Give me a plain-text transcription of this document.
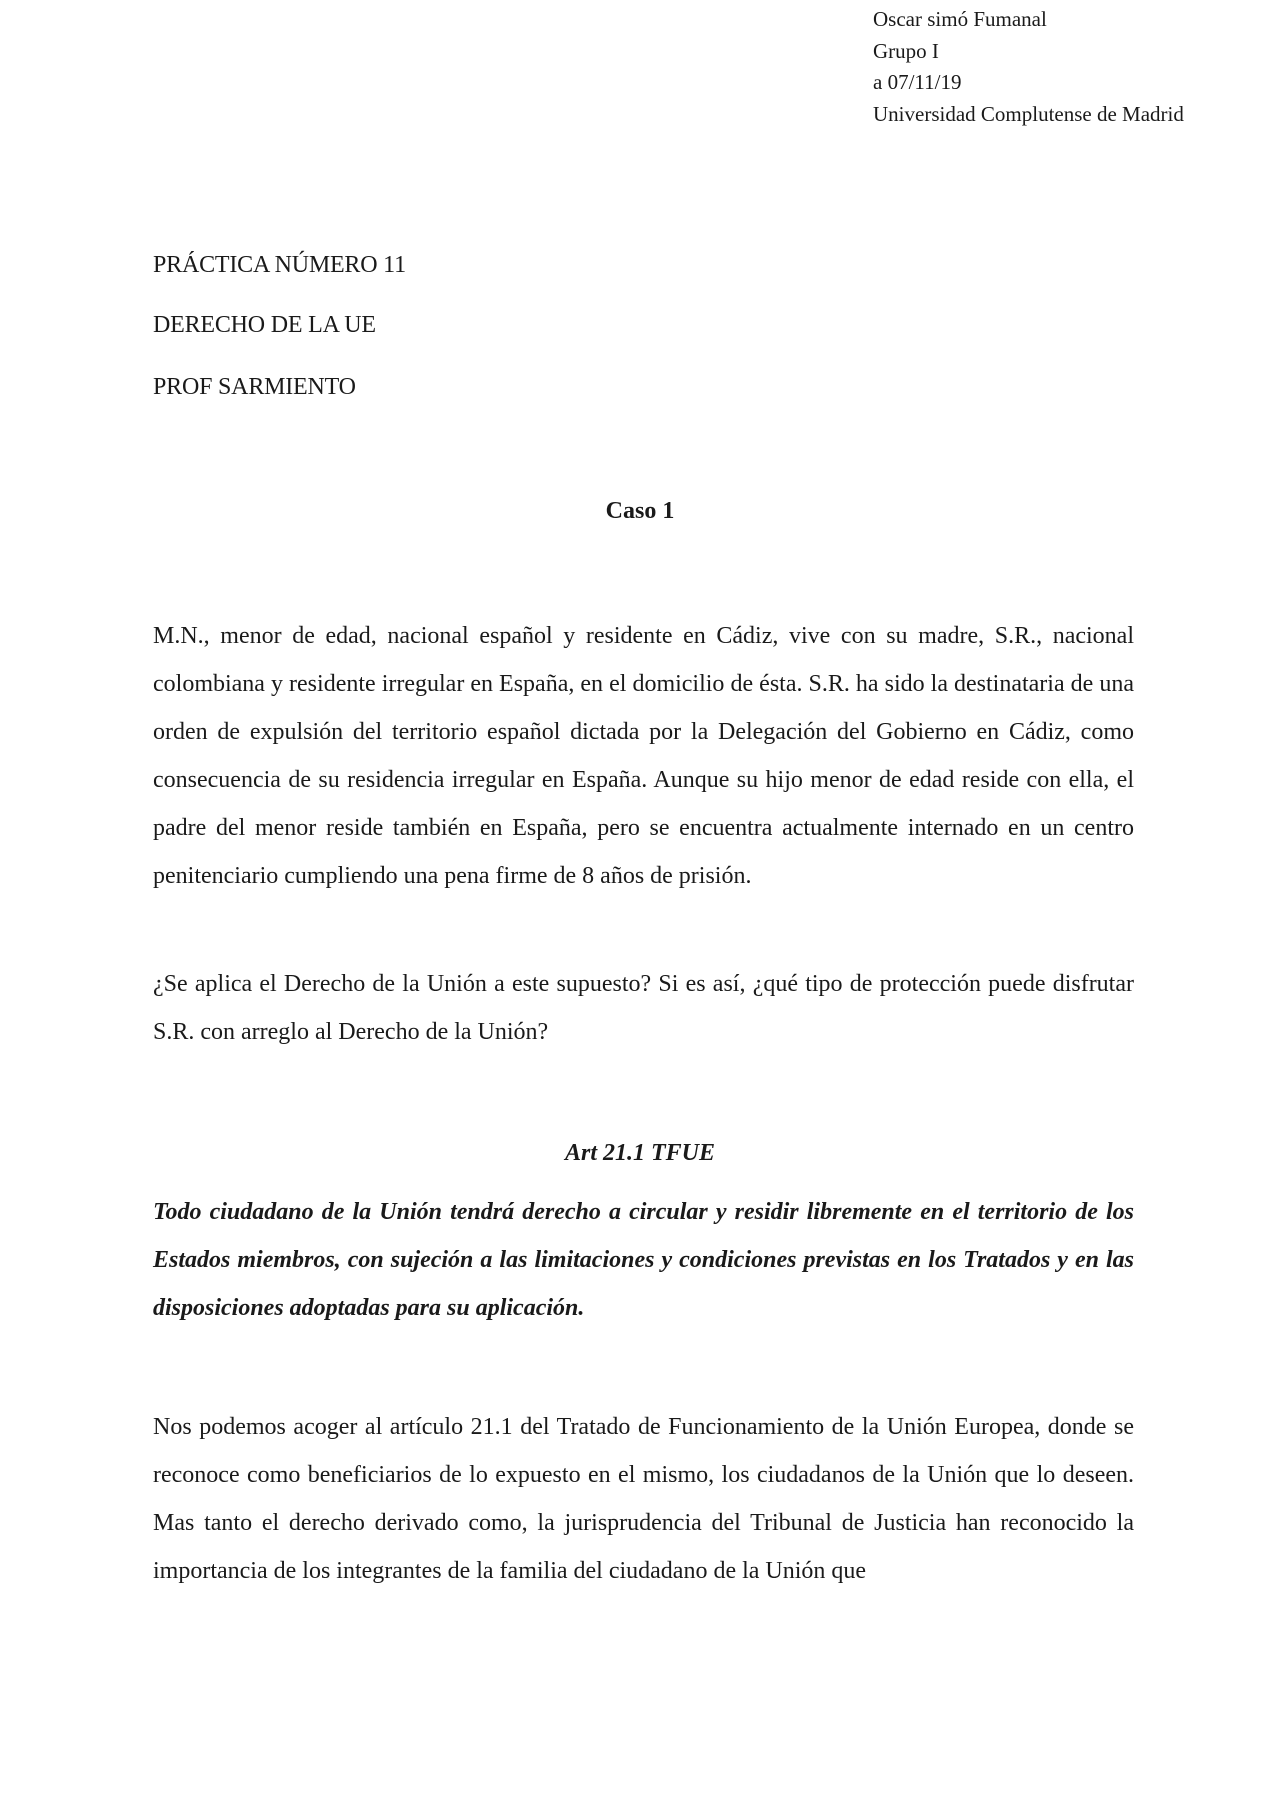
Oscar simó Fumanal
Grupo I
a 07/11/19
Universidad Complutense de Madrid
PRÁCTICA NÚMERO 11
DERECHO DE LA UE
PROF SARMIENTO
Caso 1

M.N., menor de edad, nacional español y residente en Cádiz, vive con su madre, S.R., nacional colombiana y residente irregular en España, en el domicilio de ésta. S.R. ha sido la destinataria de una orden de expulsión del territorio español dictada por la Delegación del Gobierno en Cádiz, como consecuencia de su residencia irregular en España. Aunque su hijo menor de edad reside con ella, el padre del menor reside también en España, pero se encuentra actualmente internado en un centro penitenciario cumpliendo una pena firme de 8 años de prisión.

¿Se aplica el Derecho de la Unión a este supuesto? Si es así, ¿qué tipo de protección puede disfrutar S.R. con arreglo al Derecho de la Unión?

Art 21.1 TFUE

Todo ciudadano de la Unión tendrá derecho a circular y residir libremente en el territorio de los Estados miembros, con sujeción a las limitaciones y condiciones previstas en los Tratados y en las disposiciones adoptadas para su aplicación.

Nos podemos acoger al artículo 21.1 del Tratado de Funcionamiento de la Unión Europea, donde se reconoce como beneficiarios de lo expuesto en el mismo, los ciudadanos de la Unión que lo deseen. Mas tanto el derecho derivado como, la jurisprudencia del Tribunal de Justicia han reconocido la importancia de los integrantes de la familia del ciudadano de la Unión que
